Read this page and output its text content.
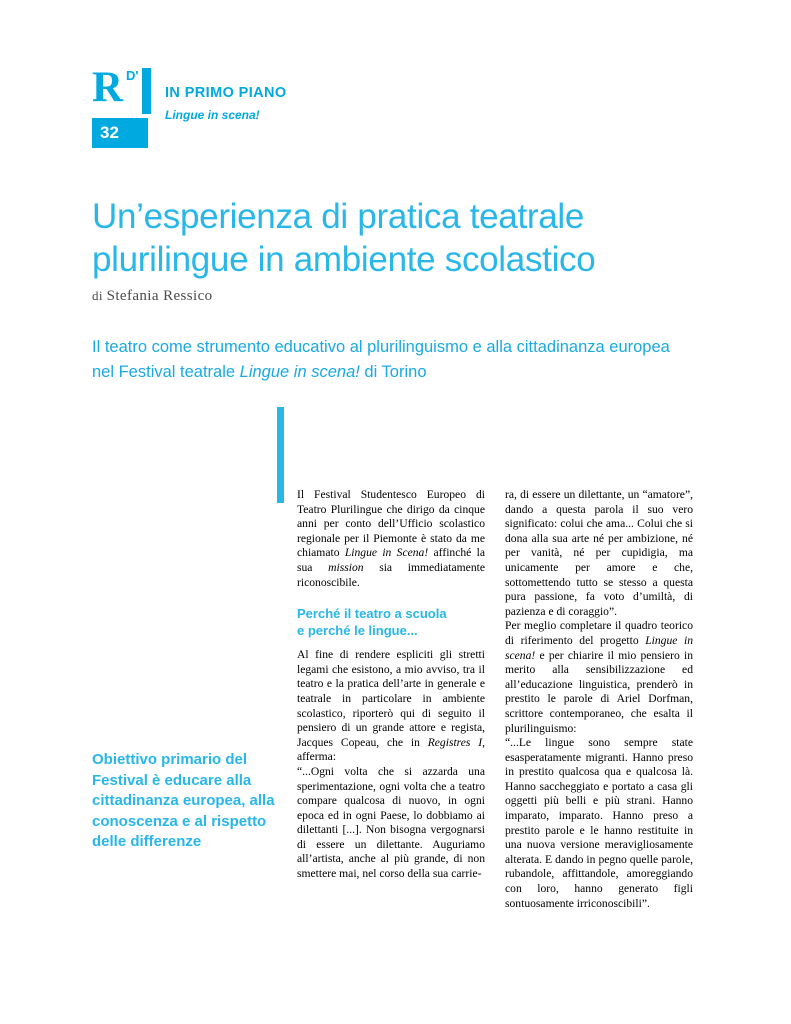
R D'
32
IN PRIMO PIANO
Lingue in scena!
Un’esperienza di pratica teatrale
plurilingue in ambiente scolastico
di Stefania Ressico
Il teatro come strumento educativo al plurilinguismo e alla cittadinanza europea nel Festival teatrale Lingue in scena! di Torino
Obiettivo primario del Festival è educare alla cittadinanza europea, alla conoscenza e al rispetto delle differenze

Il Festival Studentesco Europeo di Teatro Plurilingue che dirigo da cinque anni per conto dell’Ufficio scolastico regionale per il Piemonte è stato da me chiamato Lingue in Scena! affinché la sua mission sia immediatamente riconoscibile.

Perché il teatro a scuola
e perché le lingue...

Al fine di rendere espliciti gli stretti legami che esistono, a mio avviso, tra il teatro e la pratica dell’arte in generale e teatrale in particolare in ambiente scolastico, riporterò qui di seguito il pensiero di un grande attore e regista, Jacques Copeau, che in Registres I, afferma:

“...Ogni volta che si azzarda una sperimentazione, ogni volta che a teatro compare qualcosa di nuovo, in ogni epoca ed in ogni Paese, lo dobbiamo ai dilettanti [...]. Non bisogna vergognarsi di essere un dilettante. Auguriamo all’artista, anche al più grande, di non smettere mai, nel corso della sua carrie-

ra, di essere un dilettante, un “amatore”, dando a questa parola il suo vero significato: colui che ama... Colui che si dona alla sua arte né per ambizione, né per vanità, né per cupidigia, ma unicamente per amore e che, sottomettendo tutto se stesso a questa pura passione, fa voto d’umiltà, di pazienza e di coraggio”.

Per meglio completare il quadro teorico di riferimento del progetto Lingue in scena! e per chiarire il mio pensiero in merito alla sensibilizzazione ed all’educazione linguistica, prenderò in prestito le parole di Ariel Dorfman, scrittore contemporaneo, che esalta il plurilinguismo:

“...Le lingue sono sempre state esasperatamente migranti. Hanno preso in prestito qualcosa qua e qualcosa là. Hanno saccheggiato e portato a casa gli oggetti più belli e più strani. Hanno imparato, imparato. Hanno preso a prestito parole e le hanno restituite in una nuova versione meravigliosamente alterata. E dando in pegno quelle parole, rubandole, affittandole, amoreggiando con loro, hanno generato figli sontuosamente irriconoscibili”.
